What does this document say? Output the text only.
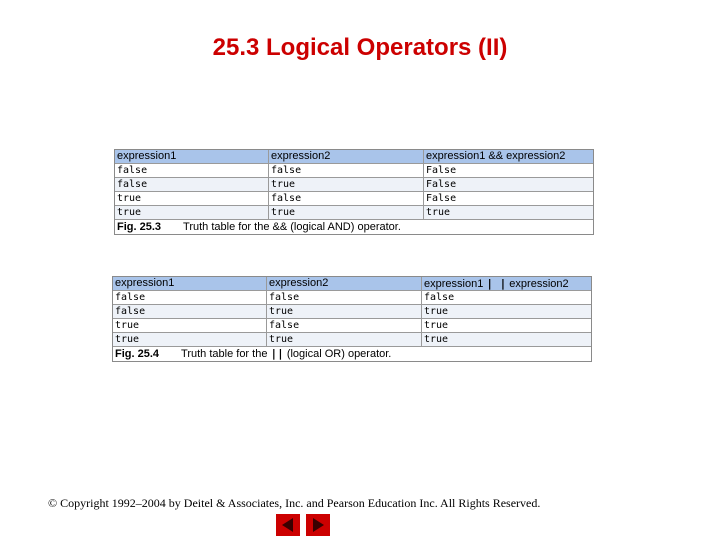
25.3 Logical Operators (II)
expression1	expression2	expression1 && expression2
false	false	False
false	true	False
true	false	False
true	true	true
Fig. 25.3 Truth table for the && (logical AND) operator.
expression1	expression2	expression1 | | expression2
false	false	false
false	true	true
true	false	true
true	true	true
Fig. 25.4 Truth table for the || (logical OR) operator.
© Copyright 1992–2004 by Deitel & Associates, Inc. and Pearson Education Inc. All Rights Reserved.
